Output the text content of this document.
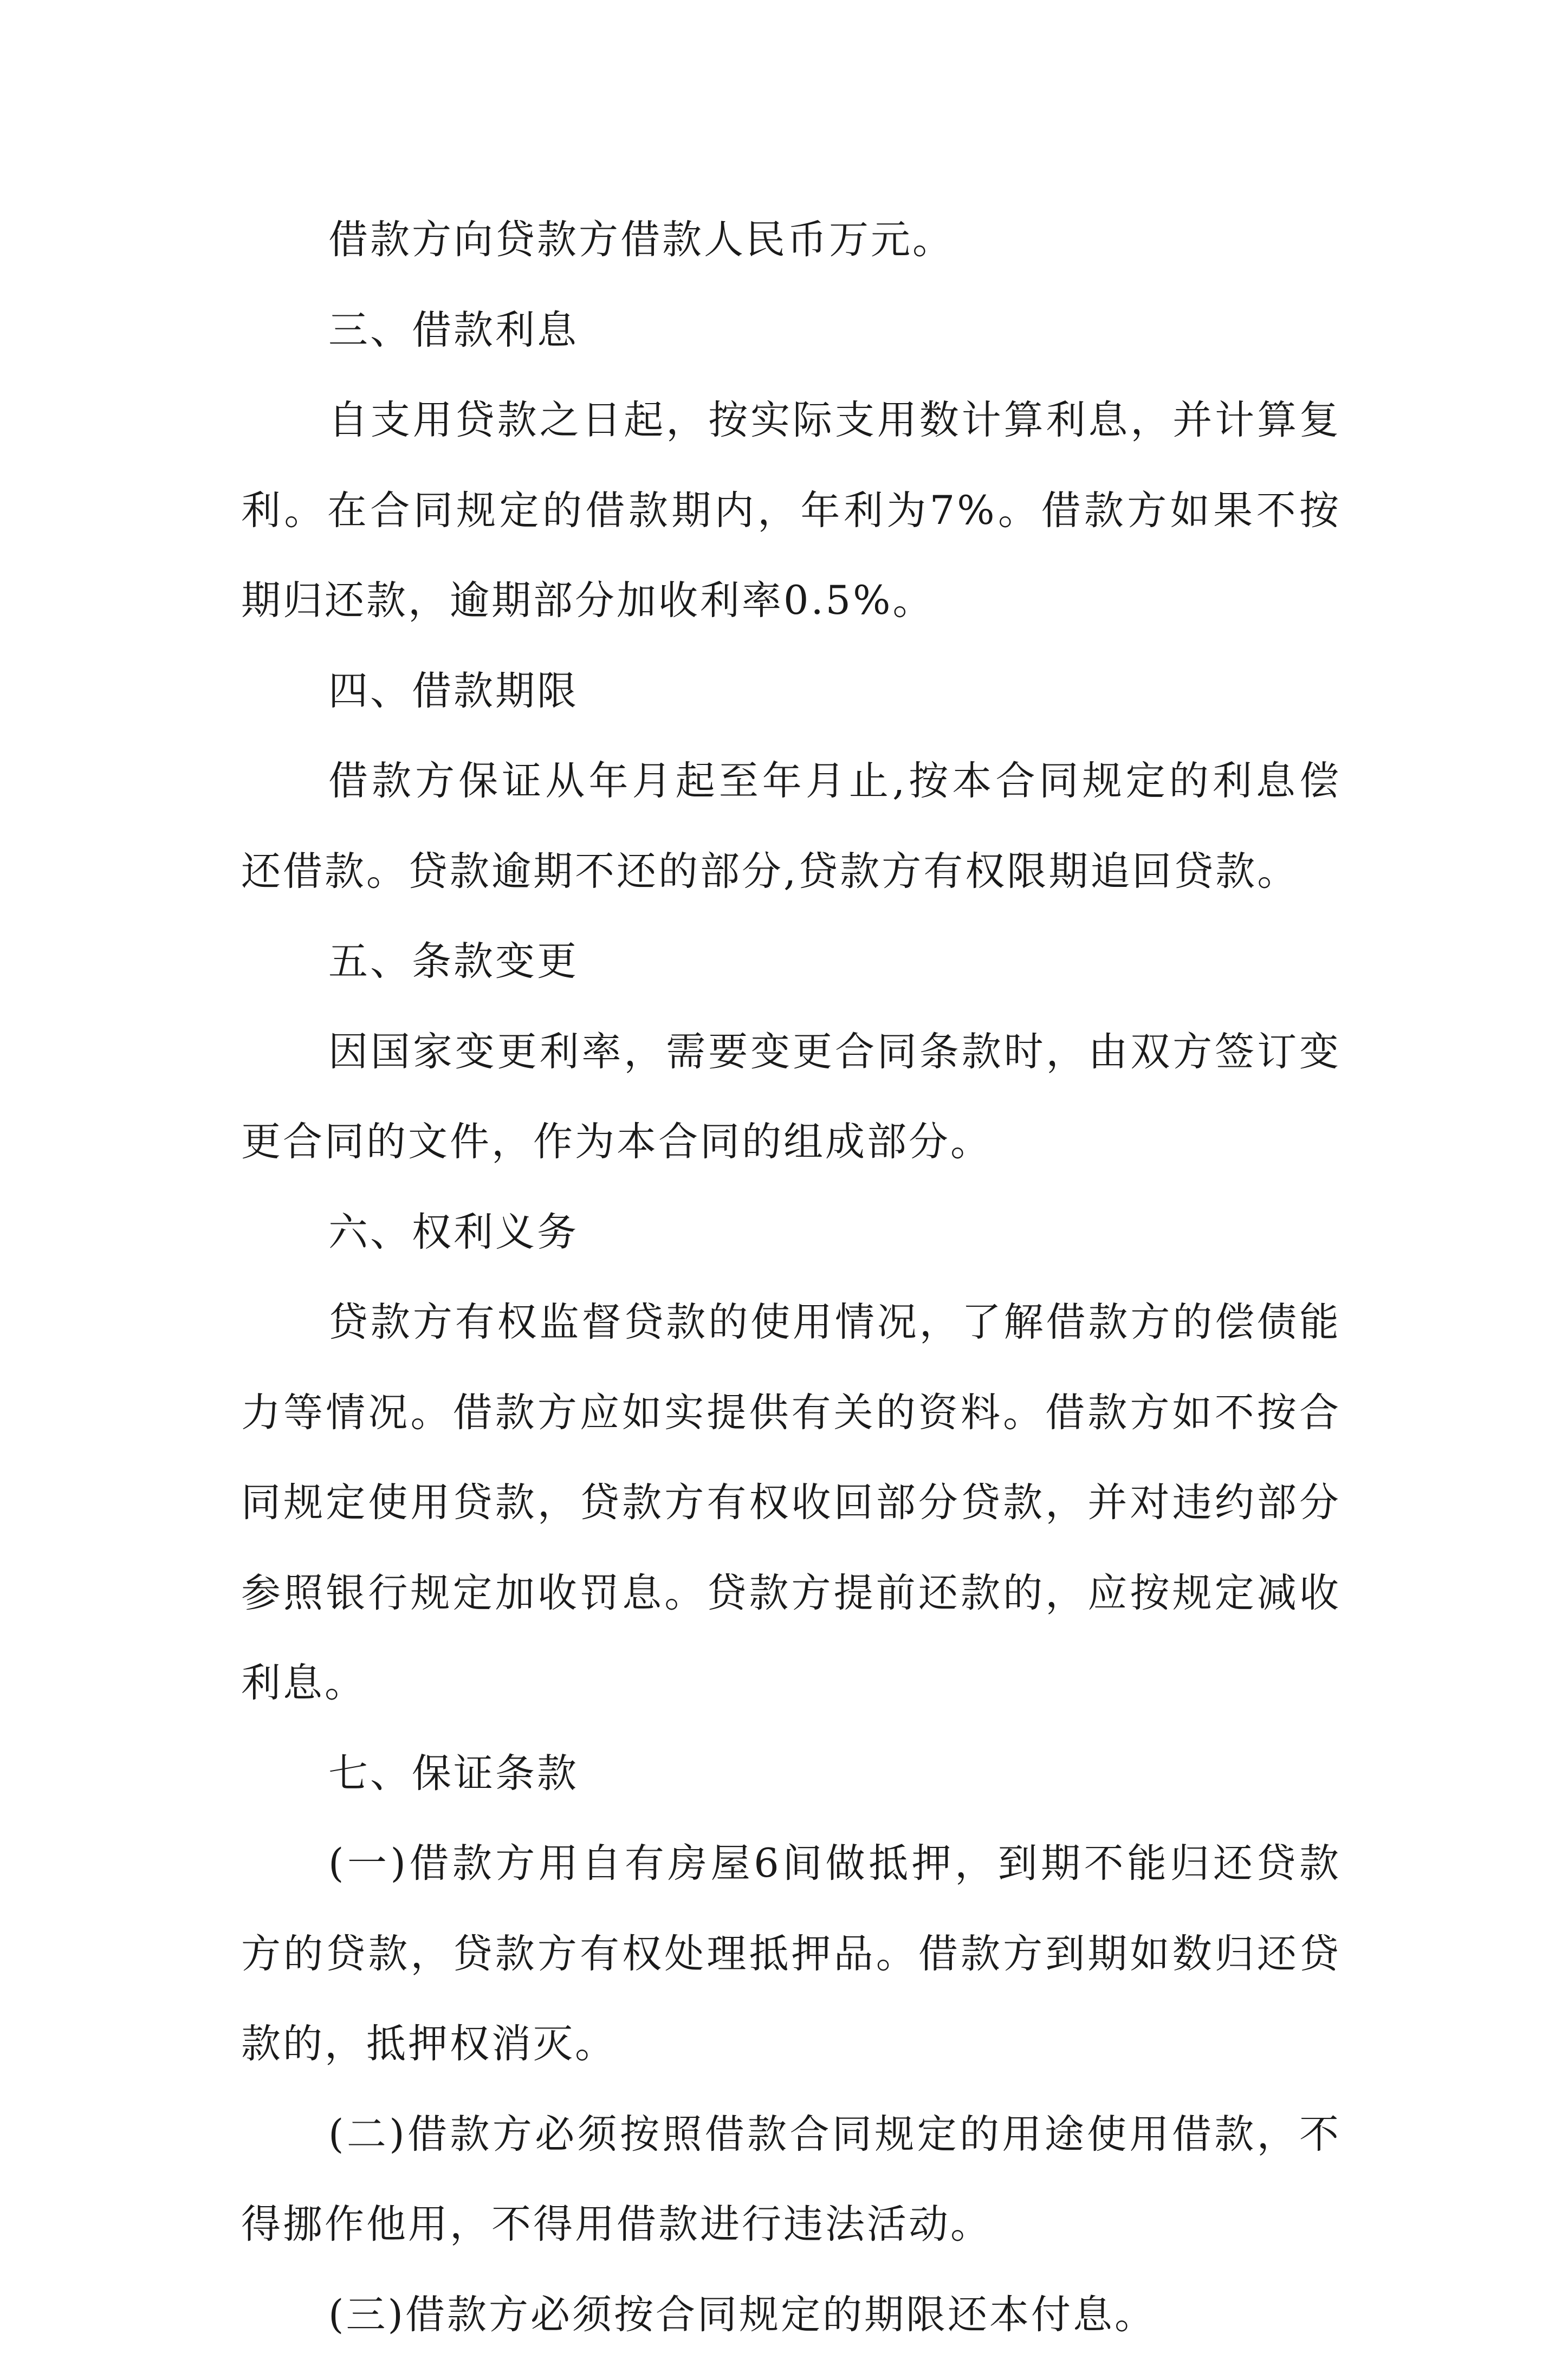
借款方向贷款方借款人民币万元。

三、借款利息

自支用贷款之日起，按实际支用数计算利息，并计算复利。在合同规定的借款期内，年利为7%。借款方如果不按期归还款，逾期部分加收利率0.5%。

四、借款期限

借款方保证从年月起至年月止,按本合同规定的利息偿还借款。贷款逾期不还的部分,贷款方有权限期追回贷款。

五、条款变更

因国家变更利率，需要变更合同条款时，由双方签订变更合同的文件，作为本合同的组成部分。

六、权利义务

贷款方有权监督贷款的使用情况，了解借款方的偿债能力等情况。借款方应如实提供有关的资料。借款方如不按合同规定使用贷款，贷款方有权收回部分贷款，并对违约部分参照银行规定加收罚息。贷款方提前还款的，应按规定减收利息。

七、保证条款

(一)借款方用自有房屋6间做抵押，到期不能归还贷款方的贷款，贷款方有权处理抵押品。借款方到期如数归还贷款的，抵押权消灭。

(二)借款方必须按照借款合同规定的用途使用借款，不得挪作他用，不得用借款进行违法活动。

(三)借款方必须按合同规定的期限还本付息。
